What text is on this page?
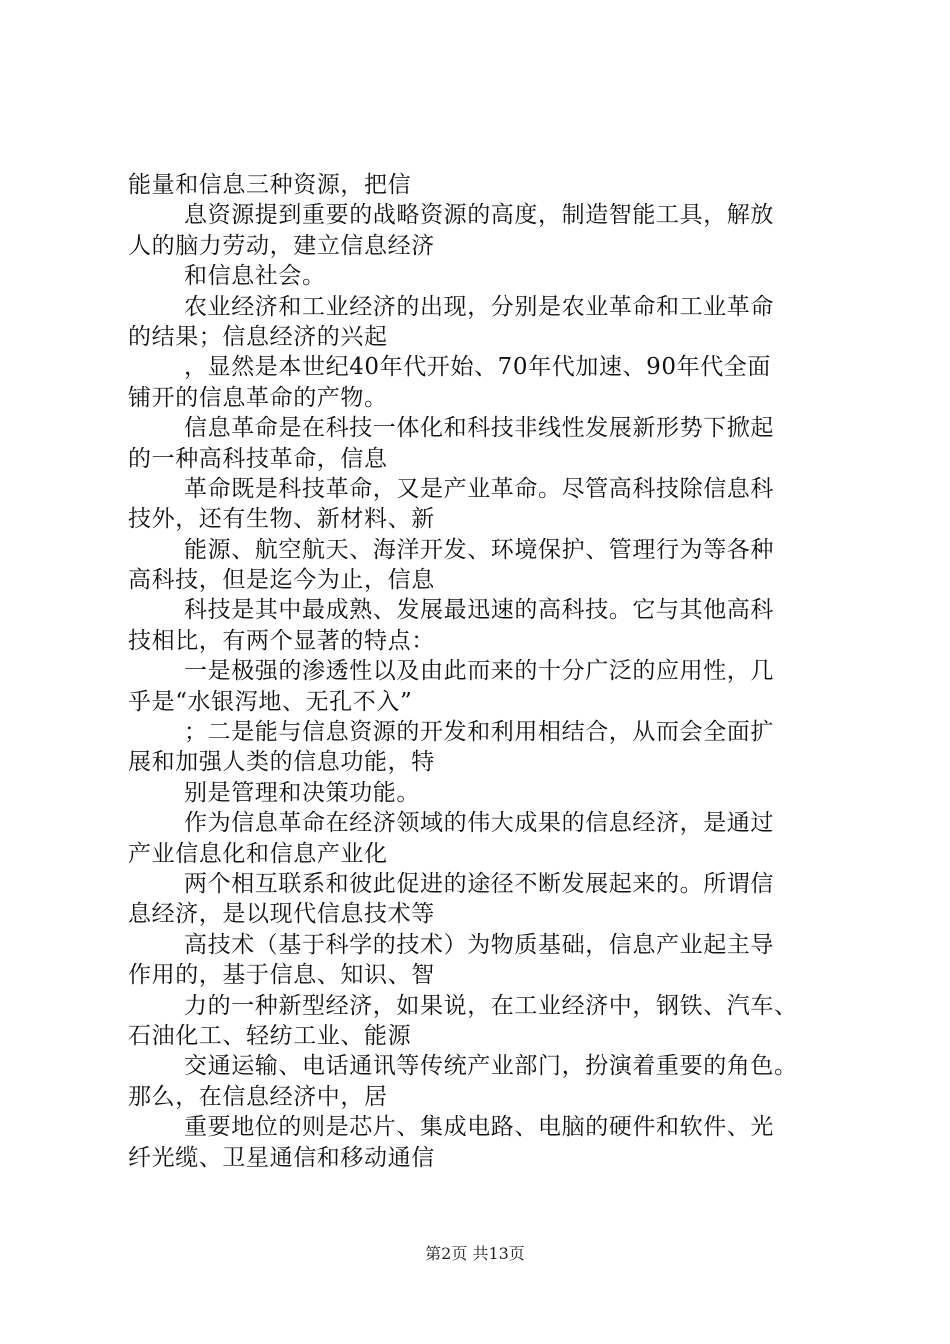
能量和信息三种资源，把信
息资源提到重要的战略资源的高度，制造智能工具，解放
人的脑力劳动，建立信息经济
和信息社会。
农业经济和工业经济的出现，分别是农业革命和工业革命
的结果；信息经济的兴起
，显然是本世纪40年代开始、70年代加速、90年代全面
铺开的信息革命的产物。
信息革命是在科技一体化和科技非线性发展新形势下掀起
的一种高科技革命，信息
革命既是科技革命，又是产业革命。尽管高科技除信息科
技外，还有生物、新材料、新
能源、航空航天、海洋开发、环境保护、管理行为等各种
高科技，但是迄今为止，信息
科技是其中最成熟、发展最迅速的高科技。它与其他高科
技相比，有两个显著的特点：
一是极强的渗透性以及由此而来的十分广泛的应用性，几
乎是“水银泻地、无孔不入”
；二是能与信息资源的开发和利用相结合，从而会全面扩
展和加强人类的信息功能，特
别是管理和决策功能。
作为信息革命在经济领域的伟大成果的信息经济，是通过
产业信息化和信息产业化
两个相互联系和彼此促进的途径不断发展起来的。所谓信
息经济，是以现代信息技术等
高技术（基于科学的技术）为物质基础，信息产业起主导
作用的，基于信息、知识、智
力的一种新型经济，如果说，在工业经济中，钢铁、汽车、
石油化工、轻纺工业、能源
交通运输、电话通讯等传统产业部门，扮演着重要的角色。
那么，在信息经济中，居
重要地位的则是芯片、集成电路、电脑的硬件和软件、光
纤光缆、卫星通信和移动通信
第2页 共13页
